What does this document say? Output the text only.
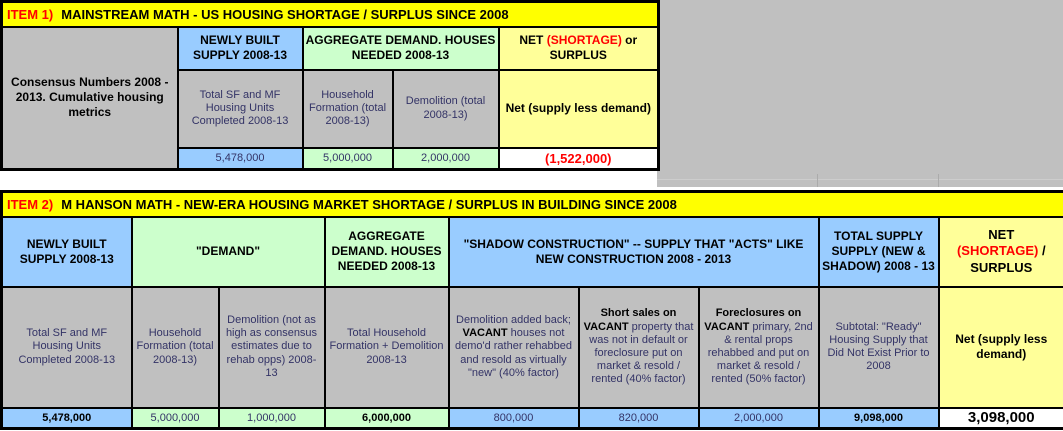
ITEM 1) MAINSTREAM MATH - US HOUSING SHORTAGE / SURPLUS SINCE 2008				
Consensus Numbers 2008 - 2013. Cumulative housing metrics	NEWLY BUILT SUPPLY 2008-13	AGGREGATE DEMAND. HOUSES NEEDED 2008-13		NET (SHORTAGE) or SURPLUS
	Total SF and MF Housing Units Completed 2008-13	Household Formation (total 2008-13)	Demolition (total 2008-13)	Net (supply less demand)
	5,478,000	5,000,000	2,000,000	(1,522,000)
ITEM 2) M HANSON MATH - NEW-ERA HOUSING MARKET SHORTAGE / SURPLUS IN BUILDING SINCE 2008								
NEWLY BUILT SUPPLY 2008-13	"DEMAND"		AGGREGATE DEMAND. HOUSES NEEDED 2008-13	"SHADOW CONSTRUCTION" -- SUPPLY THAT "ACTS" LIKE NEW CONSTRUCTION 2008 - 2013			TOTAL SUPPLY SUPPLY (NEW & SHADOW) 2008 - 13	NET
(SHORTAGE) / SURPLUS
Total SF and MF Housing Units Completed 2008-13	Household Formation (total 2008-13)	Demolition (not as high as consensus estimates due to rehab opps) 2008-13	Total Household Formation + Demolition 2008-13	Demolition added back; VACANT houses not demo'd rather rehabbed and resold as virtually "new" (40% factor)	Short sales on VACANT property that was not in default or foreclosure put on market & resold / rented (40% factor)	Foreclosures on VACANT primary, 2nd & rental props rehabbed and put on market & resold / rented (50% factor)	Subtotal: "Ready" Housing Supply that Did Not Exist Prior to 2008	Net (supply less demand)
5,478,000	5,000,000	1,000,000	6,000,000	800,000	820,000	2,000,000	9,098,000	3,098,000
